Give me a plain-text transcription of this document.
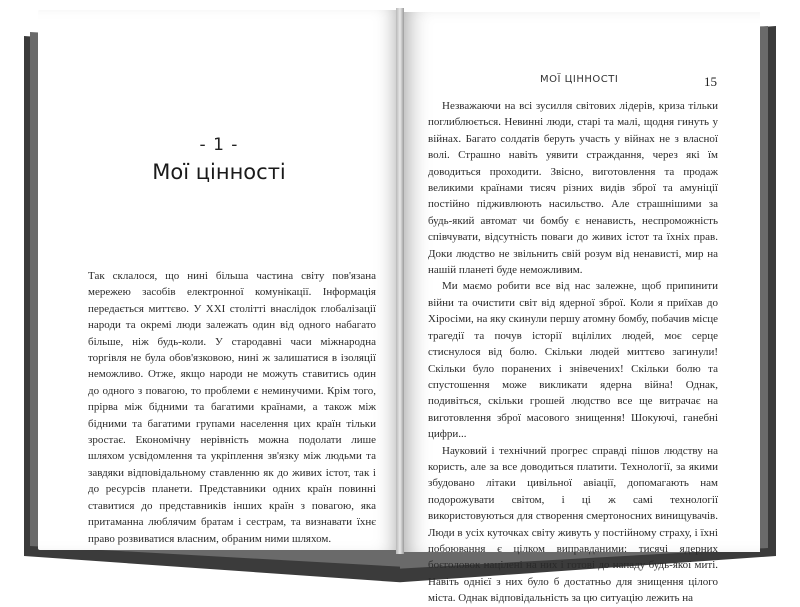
- 1 -
Мої цінності

Так склалося, що нині більша частина світу пов'язана мережею засобів електронної комунікації. Інформація передається миттєво. У XXI столітті внаслідок глобалізації народи та окремі люди залежать один від одного набагато більше, ніж будь-коли. У стародавні часи міжнародна торгівля не була обов'язковою, нині ж залишатися в ізоляції неможливо. Отже, якщо народи не можуть ставитись один до одного з повагою, то проблеми є неминучими. Крім того, прірва між бідними та багатими країнами, а також між бідними та багатими групами населення цих країн тільки зростає. Економічну нерівність можна подолати лише шляхом усвідомлення та укріплення зв'язку між людьми та завдяки відповідальному ставленню як до живих істот, так і до ресурсів планети. Представники одних країн повинні ставитися до представників інших країн з повагою, яка притаманна люблячим братам і сестрам, та визнавати їхнє право розвиватися власним, обраним ними шляхом.

МОЇ ЦІННОСТІ	15

Незважаючи на всі зусилля світових лідерів, криза тільки поглиблюється. Невинні люди, старі та малі, щодня гинуть у війнах. Багато солдатів беруть участь у війнах не з власної волі. Страшно навіть уявити страждання, через які їм доводиться проходити. Звісно, виготовлення та продаж великими країнами тисяч різних видів зброї та амуніції постійно підживлюють насильство. Але страшнішими за будь-який автомат чи бомбу є ненависть, неспроможність співчувати, відсутність поваги до живих істот та їхніх прав. Доки людство не звільнить свій розум від ненависті, мир на нашій планеті буде неможливим.

Ми маємо робити все від нас залежне, щоб припинити війни та очистити світ від ядерної зброї. Коли я приїхав до Хіросіми, на яку скинули першу атомну бомбу, побачив місце трагедії та почув історії вцілілих людей, моє серце стиснулося від болю. Скільки людей миттєво загинули! Скільки було поранених і знівечених! Скільки болю та спустошення може викликати ядерна війна! Однак, подивіться, скільки грошей людство все ще витрачає на виготовлення зброї масового знищення! Шокуючі, ганебні цифри...

Науковий і технічний прогрес справді пішов людству на користь, але за все доводиться платити. Технології, за якими збудовано літаки цивільної авіації, допомагають нам подорожувати світом, і ці ж самі технології використовуються для створення смертоносних винищувачів. Люди в усіх куточках світу живуть у постійному страху, і їхні побоювання є цілком виправданими: тисячі ядерних боєголовок націлені на них і готові до нападу будь-якої миті. Навіть однієї з них було б достатньо для знищення цілого міста. Однак відповідальність за цю ситуацію лежить на
